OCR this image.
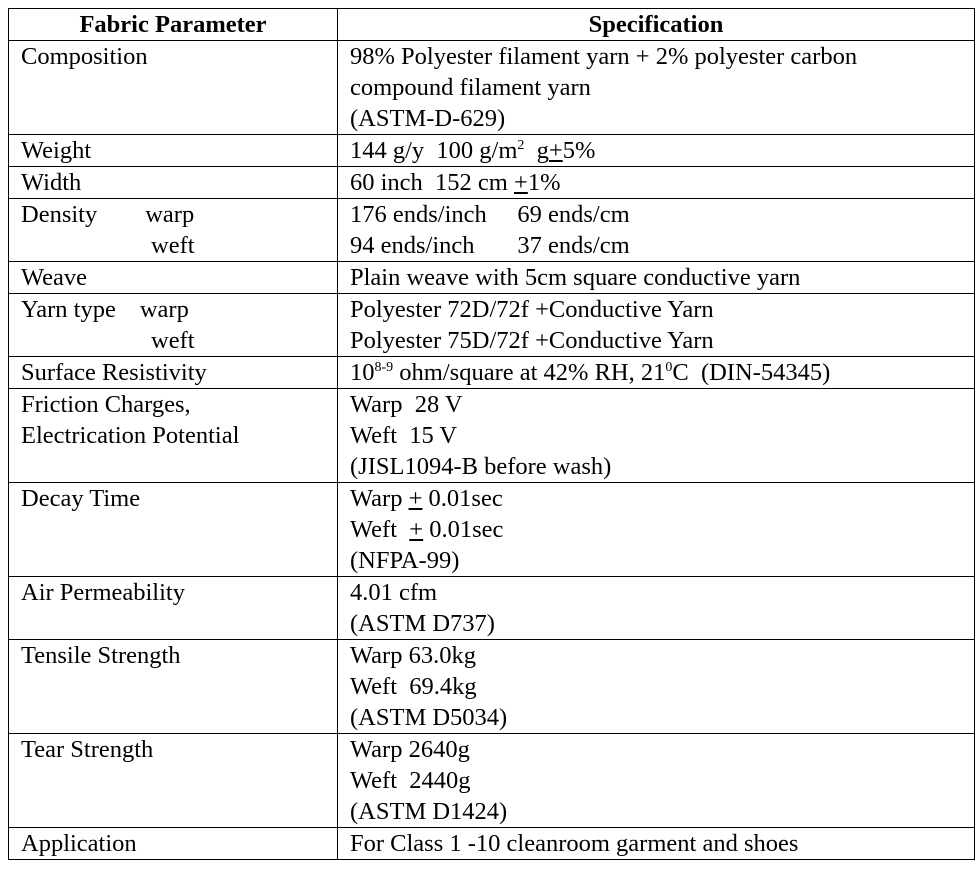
Fabric Parameter	Specification

Composition	98% Polyester filament yarn + 2% polyester carbon
compound filament yarn
(ASTM-D-629)

Weight	144 g/y  100 $g/m^2$  g+5%

Width	60 inch  152 cm +1%

Density warp
weft	176 ends/inch     69 ends/cm
94 ends/inch       37 ends/cm

Weave	Plain weave with 5cm square conductive yarn

Yarn type warp
weft	Polyester 72D/72f +Conductive Yarn
Polyester 75D/72f +Conductive Yarn

Surface Resistivity	10$^{8-9}$ ohm/square at 42% RH, $21^0C$  (DIN-54345)

Friction Charges,
Electrication Potential	Warp  28 V
Weft  15 V
(JISL1094-B before wash)

Decay Time	Warp + 0.01sec
Weft  + 0.01sec
(NFPA-99)

Air Permeability	4.01 cfm
(ASTM D737)

Tensile Strength	Warp 63.0kg
Weft  69.4kg
(ASTM D5034)

Tear Strength	Warp 2640g
Weft  2440g
(ASTM D1424)

Application	For Class 1 -10 cleanroom garment and shoes
